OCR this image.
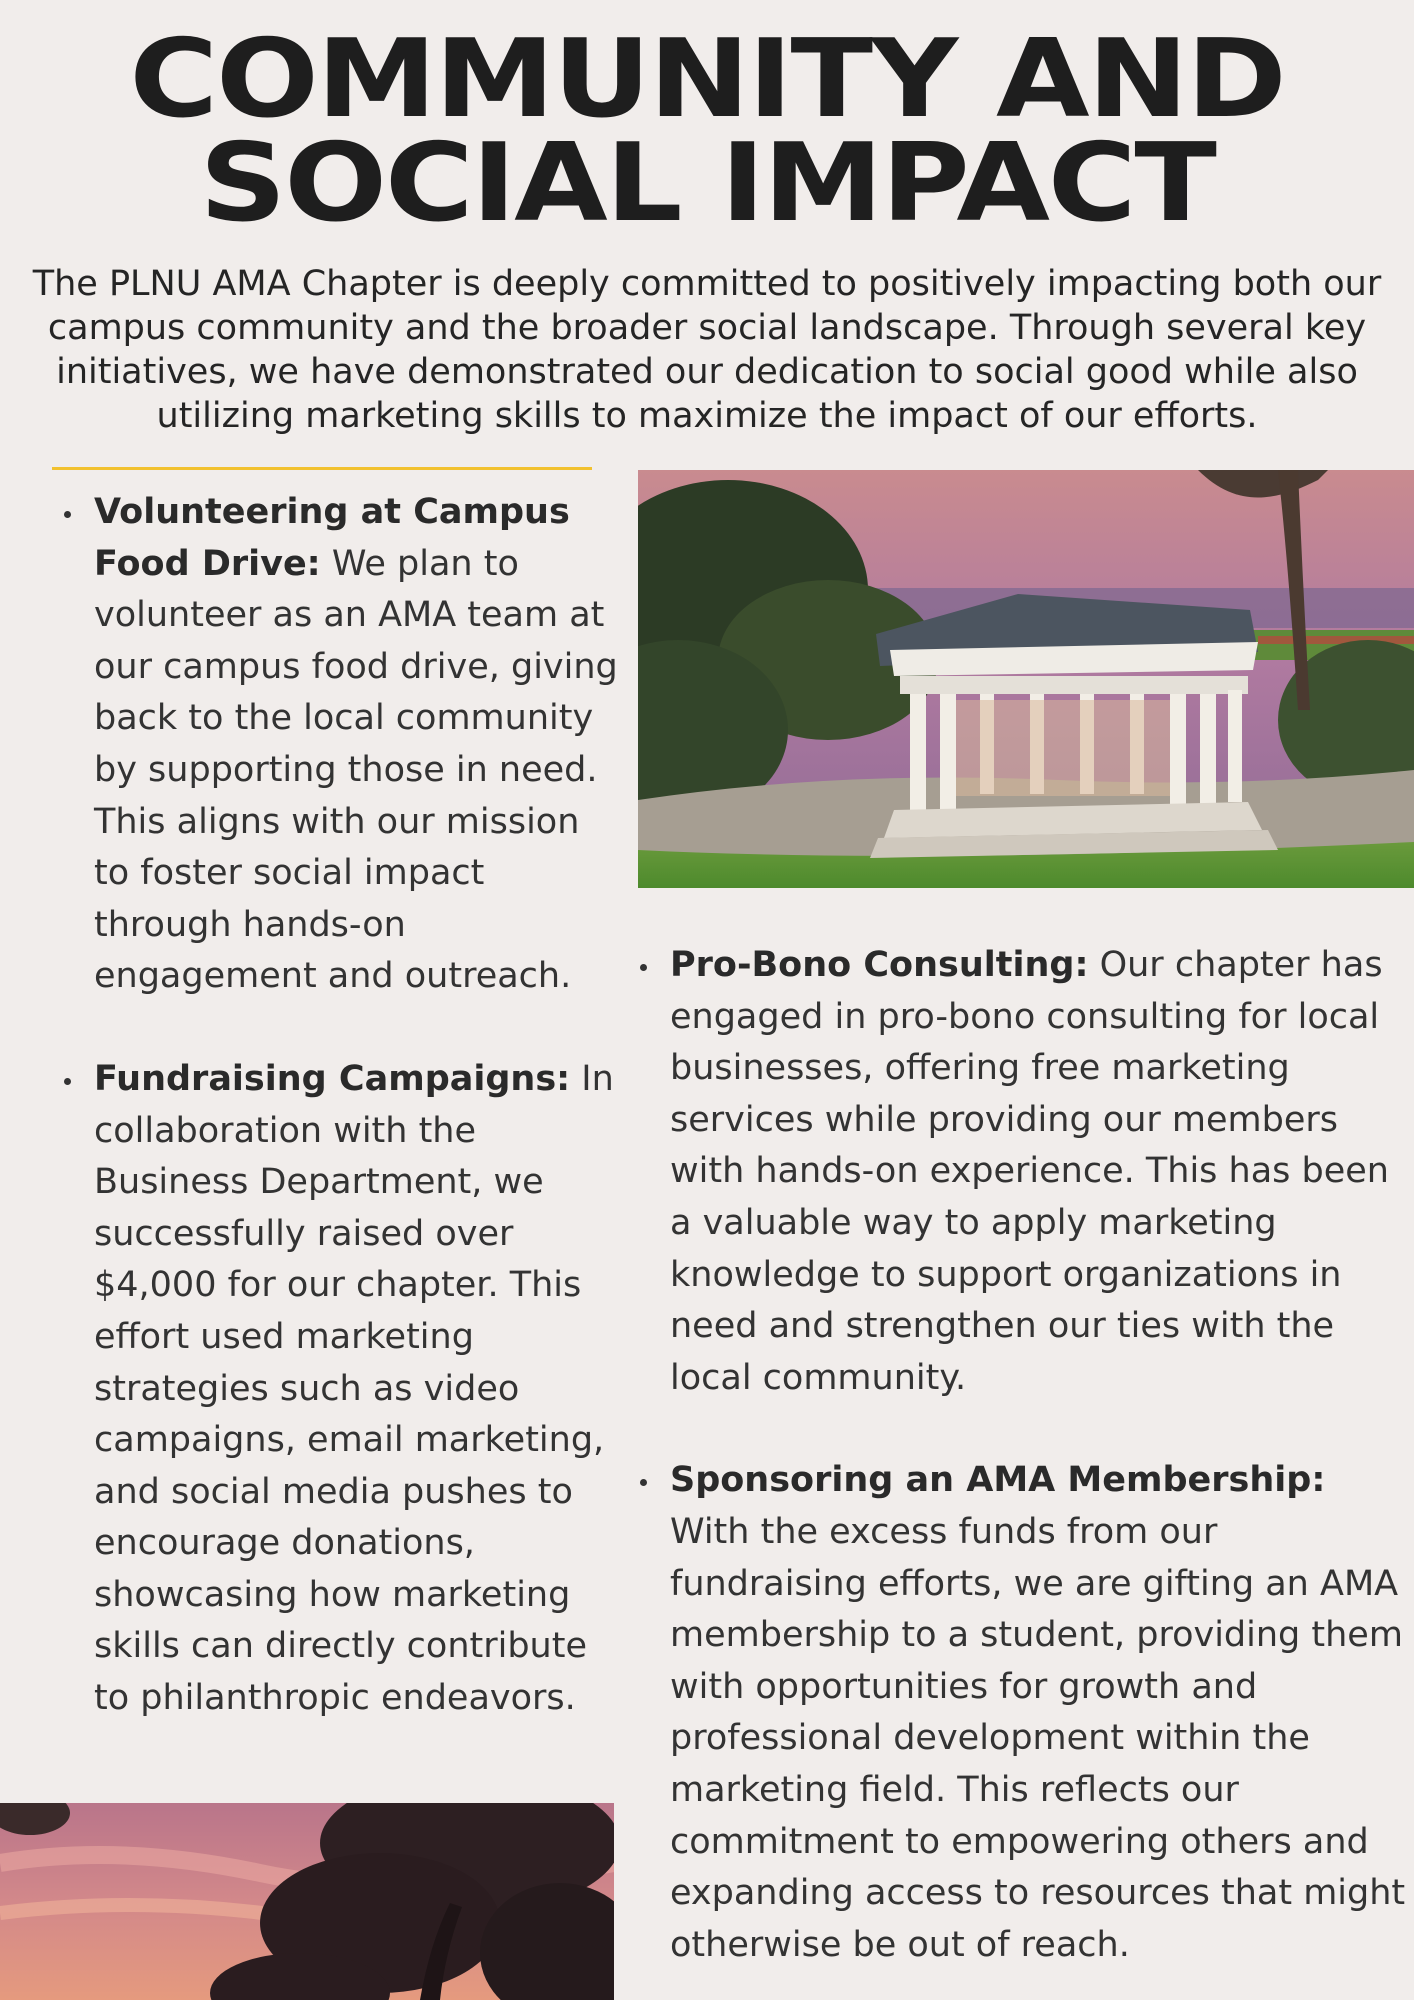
COMMUNITY AND
SOCIAL IMPACT

The PLNU AMA Chapter is deeply committed to positively impacting both our campus community and the broader social landscape. Through several key initiatives, we have demonstrated our dedication to social good while also utilizing marketing skills to maximize the impact of our efforts.

Volunteering at Campus Food Drive: We plan to volunteer as an AMA team at our campus food drive, giving back to the local community by supporting those in need. This aligns with our mission to foster social impact through hands-on engagement and outreach.
Fundraising Campaigns: In collaboration with the Business Department, we successfully raised over $4,000 for our chapter. This effort used marketing strategies such as video campaigns, email marketing, and social media pushes to encourage donations, showcasing how marketing skills can directly contribute to philanthropic endeavors.
Pro-Bono Consulting: Our chapter has engaged in pro-bono consulting for local businesses, offering free marketing services while providing our members with hands-on experience. This has been a valuable way to apply marketing knowledge to support organizations in need and strengthen our ties with the local community.
Sponsoring an AMA Membership: With the excess funds from our fundraising efforts, we are gifting an AMA membership to a student, providing them with opportunities for growth and professional development within the marketing field. This reflects our commitment to empowering others and expanding access to resources that might otherwise be out of reach.
